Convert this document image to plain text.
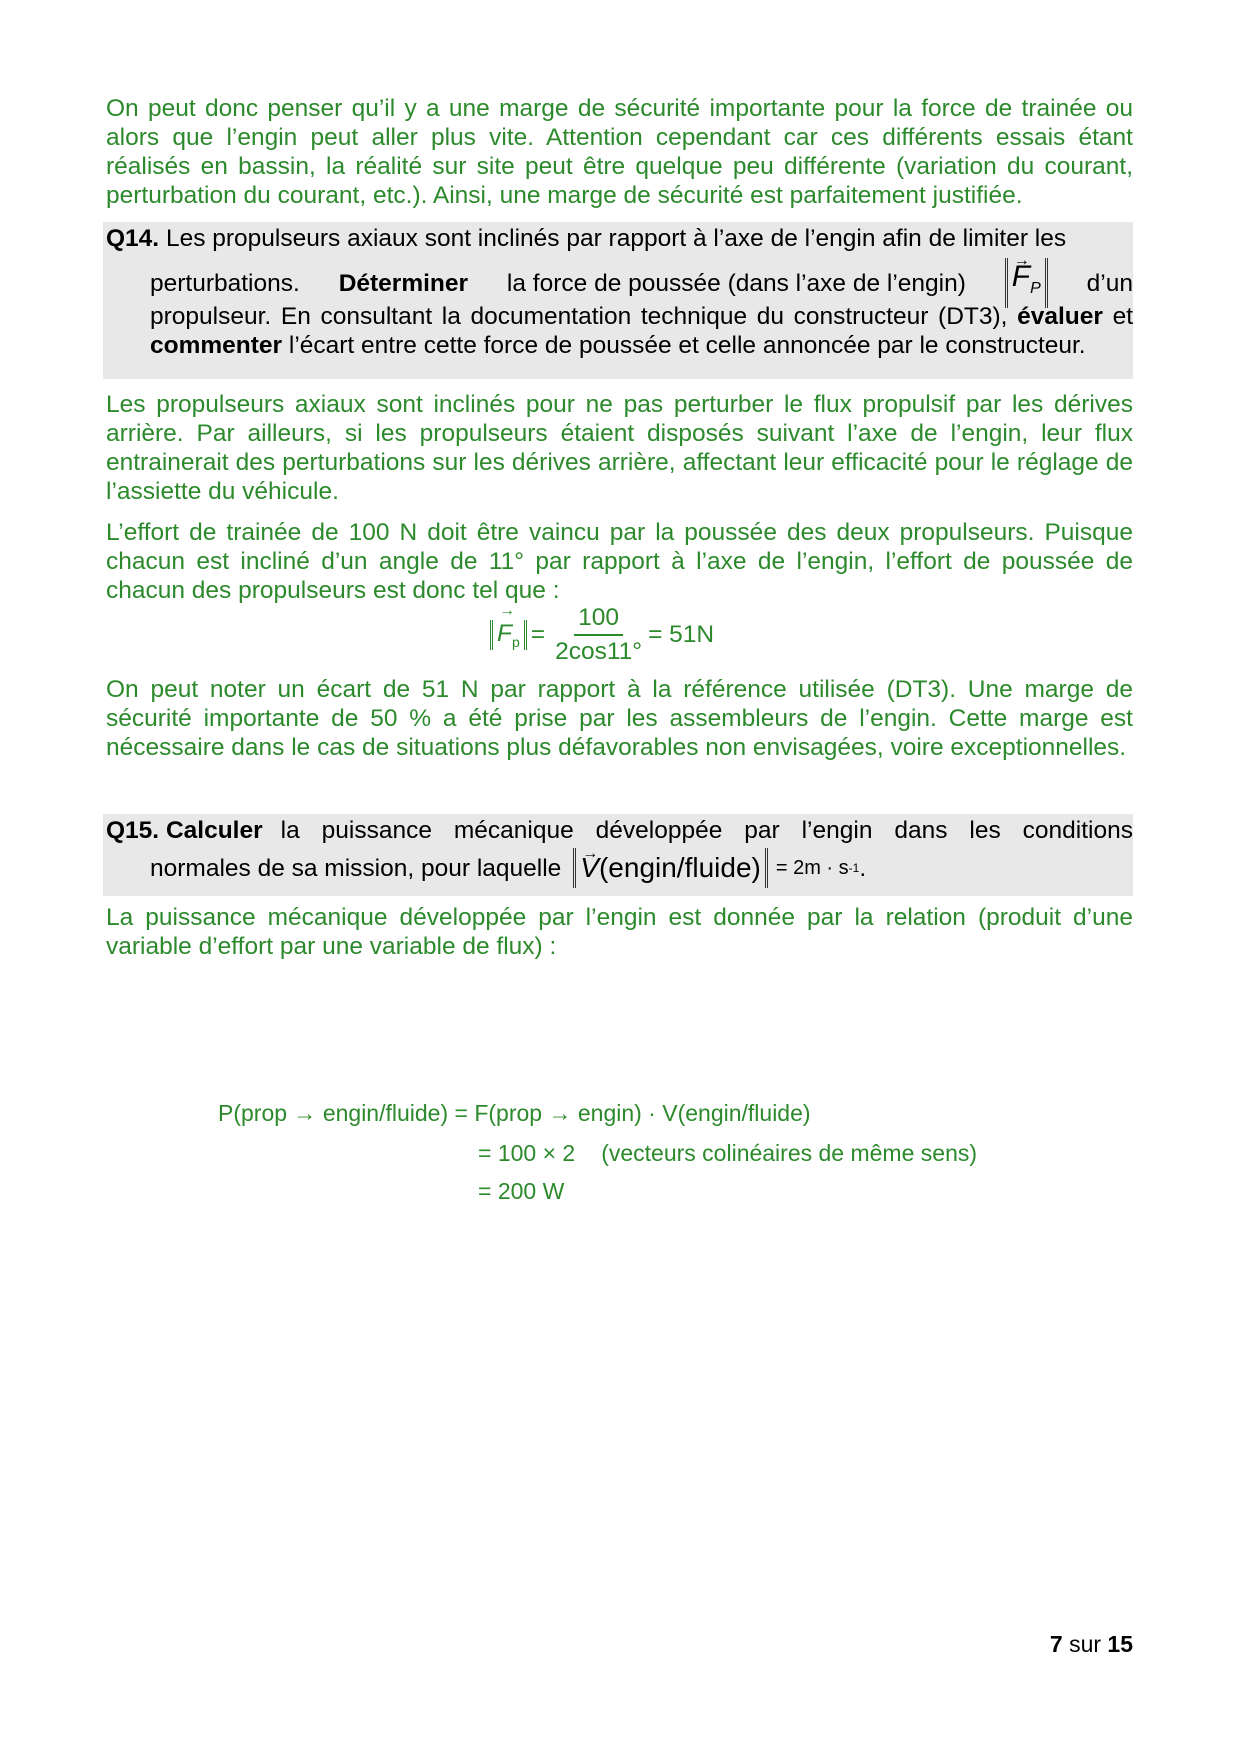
On peut donc penser qu’il y a une marge de sécurité importante pour la force de trainée ou alors que l’engin peut aller plus vite. Attention cependant car ces différents essais étant réalisés en bassin, la réalité sur site peut être quelque peu différente (variation du courant, perturbation du courant, etc.). Ainsi, une marge de sécurité est parfaitement justifiée.

Q14. Les propulseurs axiaux sont inclinés par rapport à l’axe de l’engin afin de limiter les
perturbations. Déterminer la force de poussée (dans l’axe de l’engin) → $F_P$ d’un
propulseur. En consultant la documentation technique du constructeur (DT3), évaluer et commenter l’écart entre cette force de poussée et celle annoncée par le constructeur.

Les propulseurs axiaux sont inclinés pour ne pas perturber le flux propulsif par les dérives arrière. Par ailleurs, si les propulseurs étaient disposés suivant l’axe de l’engin, leur flux entrainerait des perturbations sur les dérives arrière, affectant leur efficacité pour le réglage de l’assiette du véhicule.

L’effort de trainée de 100 N doit être vaincu par la poussée des deux propulseurs. Puisque chacun est incliné d’un angle de 11° par rapport à l’axe de l’engin, l’effort de poussée de chacun des propulseurs est donc tel que :

→ $F_p = \frac{100}{2\cos 11^\circ} = 51N$

On peut noter un écart de 51 N par rapport à la référence utilisée (DT3). Une marge de sécurité importante de 50 % a été prise par les assembleurs de l’engin. Cette marge est nécessaire dans le cas de situations plus défavorables non envisagées, voire exceptionnelles.

Q15. Calculer la puissance mécanique développée par l’engin dans les conditions
normales de sa mission, pour laquelle → V(engin/fluide) = 2m · s -1 .

La puissance mécanique développée par l’engin est donnée par la relation (produit d’une variable d’effort par une variable de flux) :

P(prop → engin/fluide) = F(prop → engin) · V(engin/fluide)
= 100 × 2 (vecteurs colinéaires de même sens)
= 200 W
7 sur 15
